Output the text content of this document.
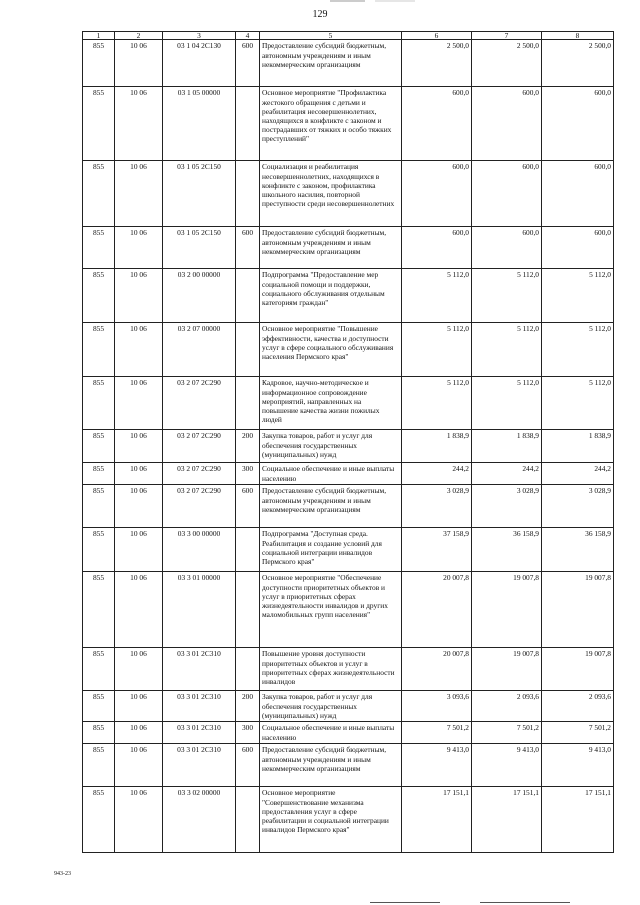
129
1	2	3	4	5	6	7	8
855	10 06	03 1 04 2С130	600	Предоставление субсидий бюджетным, автономным учреждениям и иным некоммерческим организациям	2 500,0	2 500,0	2 500,0
855	10 06	03 1 05 00000		Основное мероприятие "Профилактика жестокого обращения с детьми и реабилитация несовершеннолетних, находящихся в конфликте с законом и пострадавших от тяжких и особо тяжких преступлений"	600,0	600,0	600,0
855	10 06	03 1 05 2С150		Социализация и реабилитация несовершеннолетних, находящихся в конфликте с законом, профилактика школьного насилия, повторной преступности среди несовершеннолетних	600,0	600,0	600,0
855	10 06	03 1 05 2С150	600	Предоставление субсидий бюджетным, автономным учреждениям и иным некоммерческим организациям	600,0	600,0	600,0
855	10 06	03 2 00 00000		Подпрограмма "Предоставление мер социальной помощи и поддержки, социального обслуживания отдельным категориям граждан"	5 112,0	5 112,0	5 112,0
855	10 06	03 2 07 00000		Основное мероприятие "Повышение эффективности, качества и доступности услуг в сфере социального обслуживания населения Пермского края"	5 112,0	5 112,0	5 112,0
855	10 06	03 2 07 2С290		Кадровое, научно-методическое и информационное сопровождение мероприятий, направленных на повышение качества жизни пожилых людей	5 112,0	5 112,0	5 112,0
855	10 06	03 2 07 2С290	200	Закупка товаров, работ и услуг для обеспечения государственных (муниципальных) нужд	1 838,9	1 838,9	1 838,9
855	10 06	03 2 07 2С290	300	Социальное обеспечение и иные выплаты населению	244,2	244,2	244,2
855	10 06	03 2 07 2С290	600	Предоставление субсидий бюджетным, автономным учреждениям и иным некоммерческим организациям	3 028,9	3 028,9	3 028,9
855	10 06	03 3 00 00000		Подпрограмма "Доступная среда. Реабилитация и создание условий для социальной интеграции инвалидов Пермского края"	37 158,9	36 158,9	36 158,9
855	10 06	03 3 01 00000		Основное мероприятие "Обеспечение доступности приоритетных объектов и услуг в приоритетных сферах жизнедеятельности инвалидов и других маломобильных групп населения"	20 007,8	19 007,8	19 007,8
855	10 06	03 3 01 2С310		Повышение уровня доступности приоритетных объектов и услуг в приоритетных сферах жизнедеятельности инвалидов	20 007,8	19 007,8	19 007,8
855	10 06	03 3 01 2С310	200	Закупка товаров, работ и услуг для обеспечения государственных (муниципальных) нужд	3 093,6	2 093,6	2 093,6
855	10 06	03 3 01 2С310	300	Социальное обеспечение и иные выплаты населению	7 501,2	7 501,2	7 501,2
855	10 06	03 3 01 2С310	600	Предоставление субсидий бюджетным, автономным учреждениям и иным некоммерческим организациям	9 413,0	9 413,0	9 413,0
855	10 06	03 3 02 00000		Основное мероприятие "Совершенствование механизма предоставления услуг в сфере реабилитации и социальной интеграции инвалидов Пермского края"	17 151,1	17 151,1	17 151,1
943-23
